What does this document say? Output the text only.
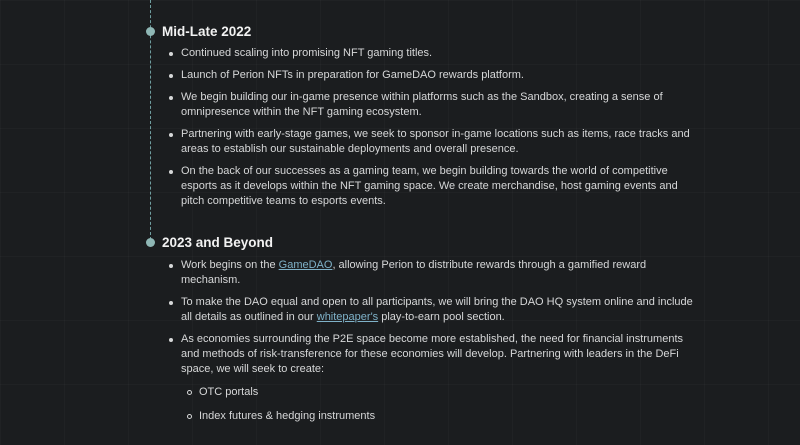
Mid-Late 2022
Continued scaling into promising NFT gaming titles.
Launch of Perion NFTs in preparation for GameDAO rewards platform.
We begin building our in-game presence within platforms such as the Sandbox, creating a sense of omnipresence within the NFT gaming ecosystem.
Partnering with early-stage games, we seek to sponsor in-game locations such as items, race tracks and areas to establish our sustainable deployments and overall presence.
On the back of our successes as a gaming team, we begin building towards the world of competitive esports as it develops within the NFT gaming space. We create merchandise, host gaming events and pitch competitive teams to esports events.
2023 and Beyond
Work begins on the GameDAO, allowing Perion to distribute rewards through a gamified reward mechanism.
To make the DAO equal and open to all participants, we will bring the DAO HQ system online and include all details as outlined in our whitepaper's play-to-earn pool section.
As economies surrounding the P2E space become more established, the need for financial instruments and methods of risk-transference for these economies will develop. Partnering with leaders in the DeFi space, we will seek to create:
OTC portals
Index futures & hedging instruments
